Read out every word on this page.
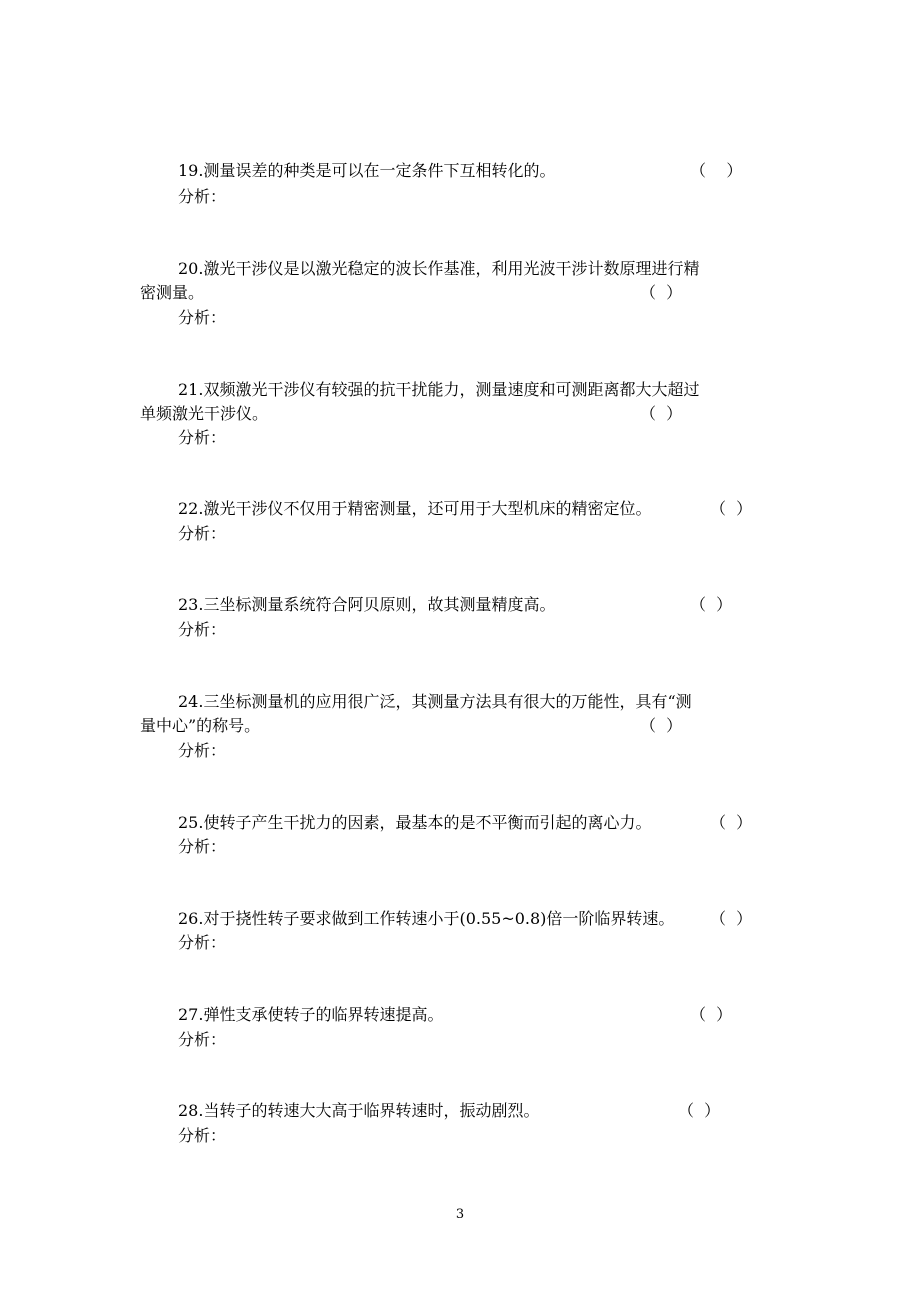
19.测量误差的种类是可以在一定条件下互相转化的。	（    ）
分析：
20.激光干涉仪是以激光稳定的波长作基准，利用光波干涉计数原理进行精
密测量。	（  ）
分析：
21.双频激光干涉仪有较强的抗干扰能力，测量速度和可测距离都大大超过
单频激光干涉仪。	（  ）
分析：
22.激光干涉仪不仅用于精密测量，还可用于大型机床的精密定位。	（  ）
分析：
23.三坐标测量系统符合阿贝原则，故其测量精度高。	（  ）
分析：
24.三坐标测量机的应用很广泛，其测量方法具有很大的万能性，具有“测
量中心”的称号。	（  ）
分析：
25.使转子产生干扰力的因素，最基本的是不平衡而引起的离心力。	（  ）
分析：
26.对于挠性转子要求做到工作转速小于(0.55~0.8)倍一阶临界转速。 （  ）
分析：
27.弹性支承使转子的临界转速提高。	（  ）
分析：
28.当转子的转速大大高于临界转速时，振动剧烈。	（  ）
分析：
3
